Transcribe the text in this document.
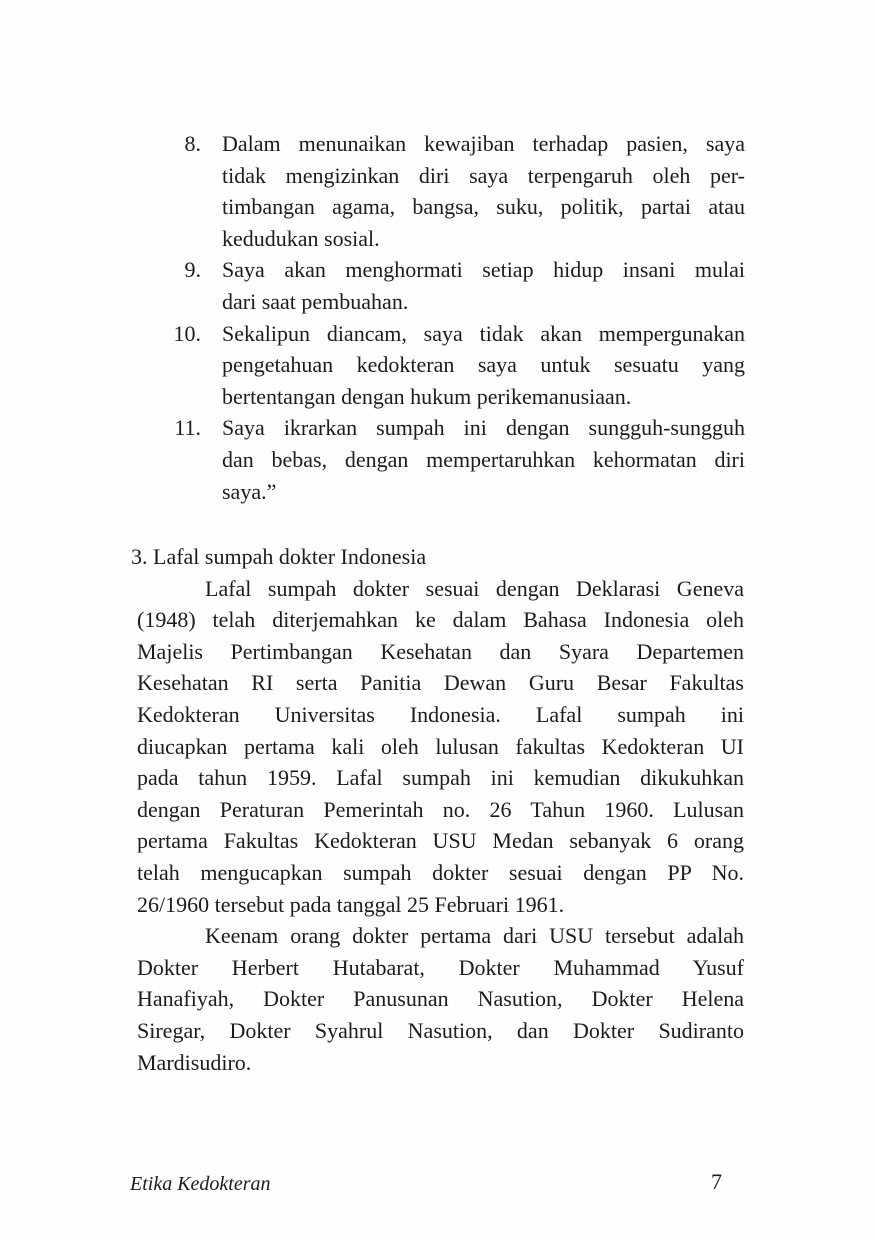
8. Dalam menunaikan kewajiban terhadap pasien, saya
tidak mengizinkan diri saya terpengaruh oleh per-
timbangan agama, bangsa, suku, politik, partai atau
kedudukan sosial.
9. Saya akan menghormati setiap hidup insani mulai
dari saat pembuahan.
10. Sekalipun diancam, saya tidak akan mempergunakan
pengetahuan kedokteran saya untuk sesuatu yang
bertentangan dengan hukum perikemanusiaan.
11. Saya ikrarkan sumpah ini dengan sungguh-sungguh
dan bebas, dengan mempertaruhkan kehormatan diri
saya.”
3. Lafal sumpah dokter Indonesia
Lafal sumpah dokter sesuai dengan Deklarasi Geneva
(1948) telah diterjemahkan ke dalam Bahasa Indonesia oleh
Majelis Pertimbangan Kesehatan dan Syara Departemen
Kesehatan RI serta Panitia Dewan Guru Besar Fakultas
Kedokteran Universitas Indonesia. Lafal sumpah ini
diucapkan pertama kali oleh lulusan fakultas Kedokteran UI
pada tahun 1959. Lafal sumpah ini kemudian dikukuhkan
dengan Peraturan Pemerintah no. 26 Tahun 1960. Lulusan
pertama Fakultas Kedokteran USU Medan sebanyak 6 orang
telah mengucapkan sumpah dokter sesuai dengan PP No.
26/1960 tersebut pada tanggal 25 Februari 1961.
Keenam orang dokter pertama dari USU tersebut adalah
Dokter Herbert Hutabarat, Dokter Muhammad Yusuf
Hanafiyah, Dokter Panusunan Nasution, Dokter Helena
Siregar, Dokter Syahrul Nasution, dan Dokter Sudiranto
Mardisudiro.
Etika Kedokteran	7
